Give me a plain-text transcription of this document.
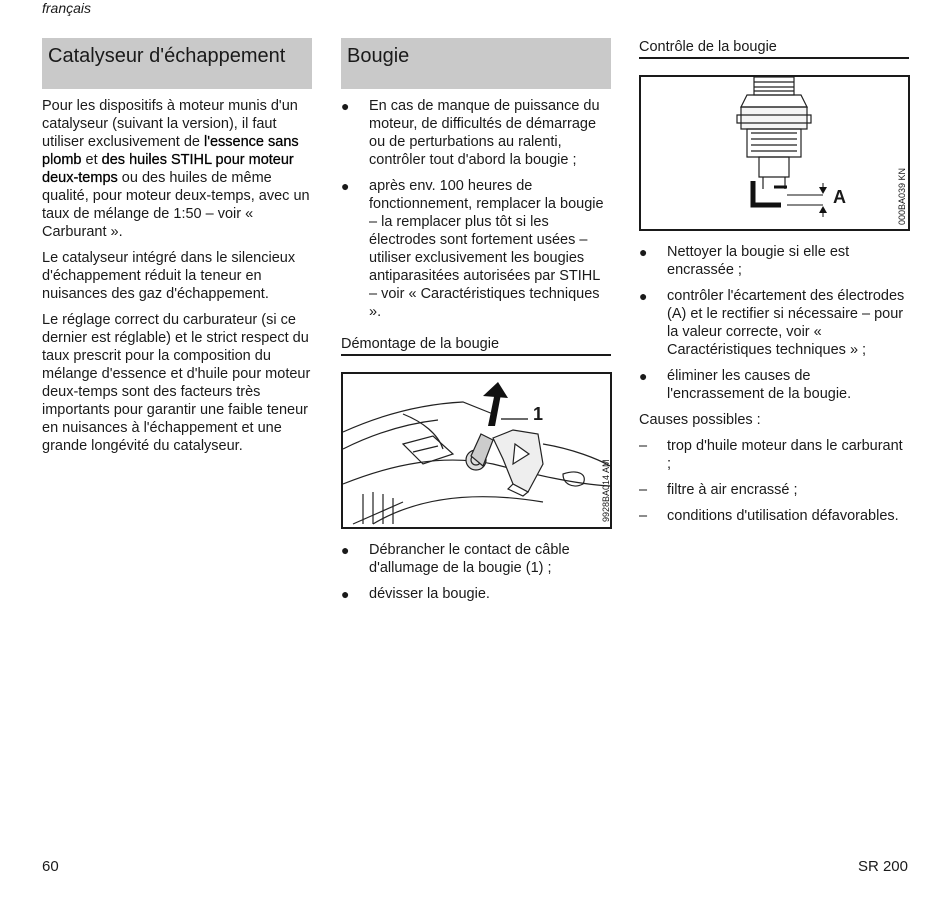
français
Catalyseur d'échappement

Pour les dispositifs à moteur munis d'un catalyseur (suivant la version), il faut utiliser exclusivement de l'essence sans plomb et des huiles STIHL pour moteur deux-temps ou des huiles de même qualité, pour moteur deux-temps, avec un taux de mélange de 1:50 – voir « Carburant ».

Le catalyseur intégré dans le silencieux d'échappement réduit la teneur en nuisances des gaz d'échappement.

Le réglage correct du carburateur (si ce dernier est réglable) et le strict respect du taux prescrit pour la composition du mélange d'essence et d'huile pour moteur deux-temps sont des facteurs très importants pour garantir une faible teneur en nuisances à l'échappement et une grande longévité du catalyseur.

Bougie
● En cas de manque de puissance du moteur, de difficultés de démarrage ou de perturbations au ralenti, contrôler tout d'abord la bougie ;
● après env. 100 heures de fonctionnement, remplacer la bougie – la remplacer plus tôt si les électrodes sont fortement usées – utiliser exclusivement les bougies antiparasitées autorisées par STIHL – voir « Caractéristiques techniques ».
Démontage de la bougie
1
9928BA014 AM
● Débrancher le contact de câble d'allumage de la bougie (1) ;
● dévisser la bougie.
Contrôle de la bougie
A	000BA039 KN
● Nettoyer la bougie si elle est encrassée ;
● contrôler l'écartement des électrodes (A) et le rectifier si nécessaire – pour la valeur correcte, voir « Caractéristiques techniques » ;
● éliminer les causes de l'encrassement de la bougie.

Causes possibles :

– trop d'huile moteur dans le carburant ;
– filtre à air encrassé ;
– conditions d'utilisation défavorables.
60	SR 200
